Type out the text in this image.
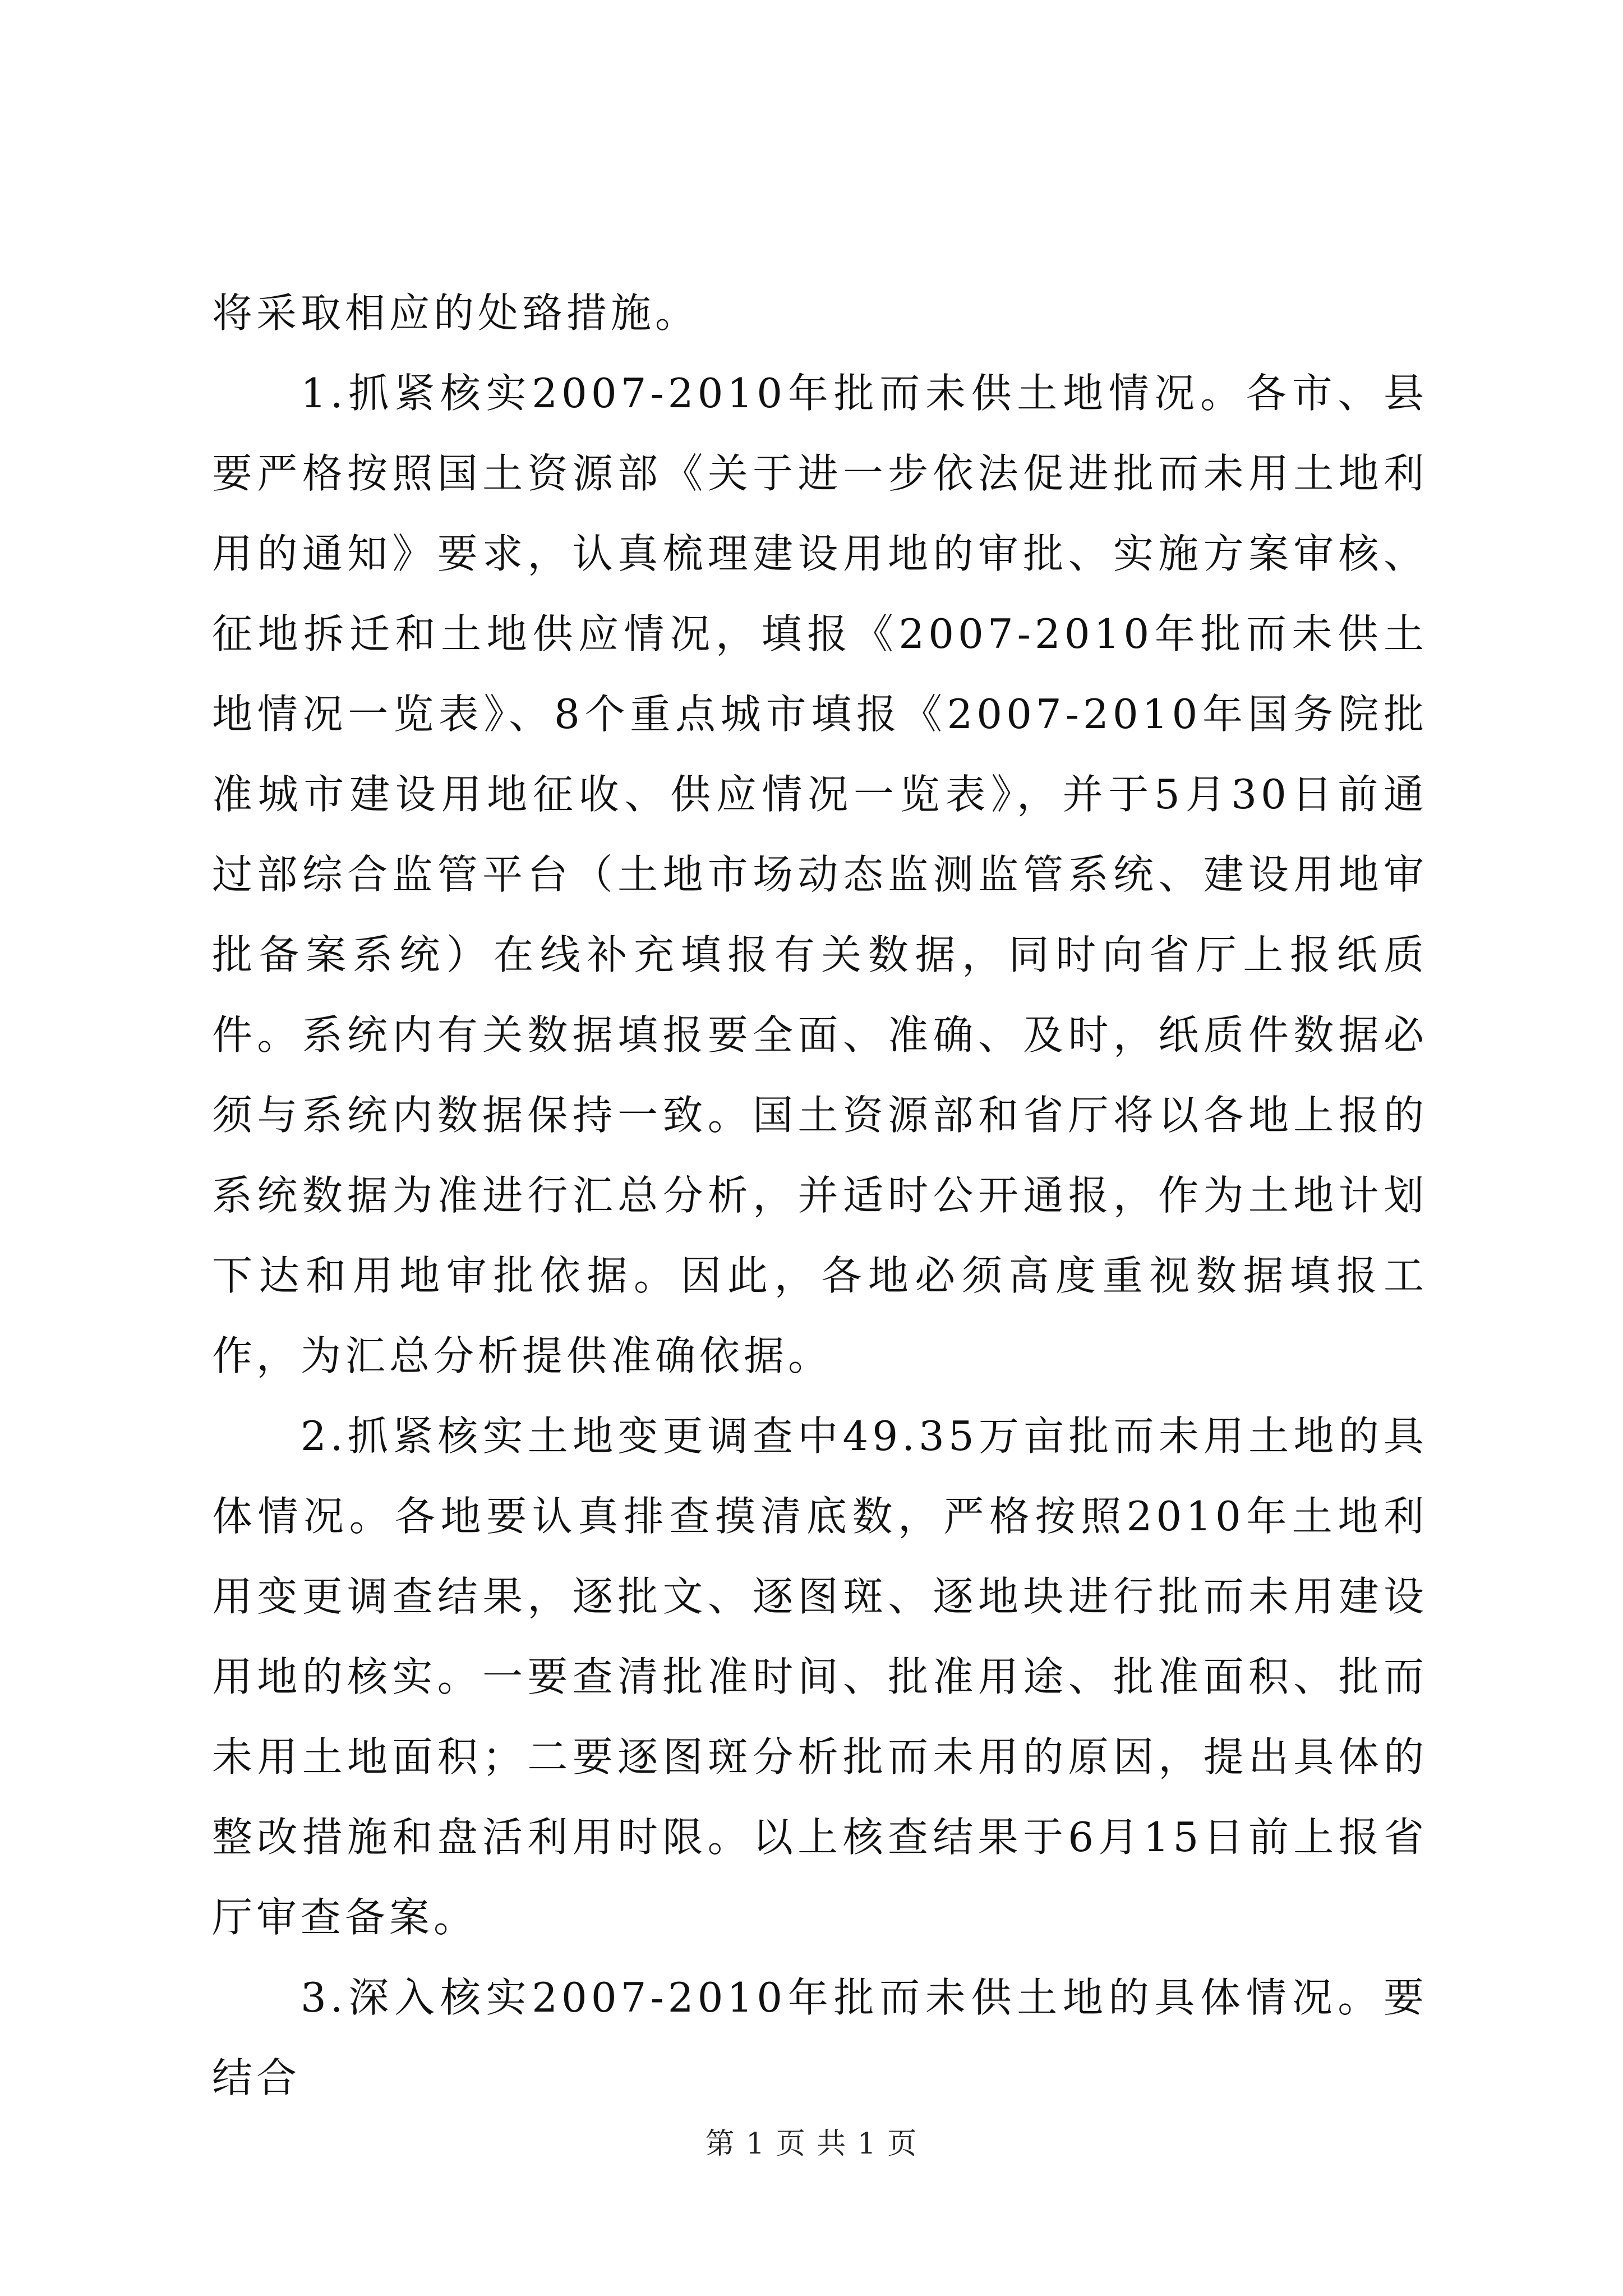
将采取相应的处臵措施。

1.抓紧核实2007-2010年批而未供土地情况。各市、县要严格按照国土资源部《关于进一步依法促进批而未用土地利用的通知》要求，认真梳理建设用地的审批、实施方案审核、征地拆迁和土地供应情况，填报《2007-2010年批而未供土地情况一览表》、8个重点城市填报《2007-2010年国务院批准城市建设用地征收、供应情况一览表》，并于5月30日前通过部综合监管平台（土地市场动态监测监管系统、建设用地审批备案系统）在线补充填报有关数据，同时向省厅上报纸质件。系统内有关数据填报要全面、准确、及时，纸质件数据必须与系统内数据保持一致。国土资源部和省厅将以各地上报的系统数据为准进行汇总分析，并适时公开通报，作为土地计划下达和用地审批依据。因此，各地必须高度重视数据填报工作，为汇总分析提供准确依据。

2.抓紧核实土地变更调查中49.35万亩批而未用土地的具体情况。各地要认真排查摸清底数，严格按照2010年土地利用变更调查结果，逐批文、逐图斑、逐地块进行批而未用建设用地的核实。一要查清批准时间、批准用途、批准面积、批而未用土地面积；二要逐图斑分析批而未用的原因，提出具体的整改措施和盘活利用时限。以上核查结果于6月15日前上报省厅审查备案。

3.深入核实2007-2010年批而未供土地的具体情况。要结合

第 1 页 共 1 页
